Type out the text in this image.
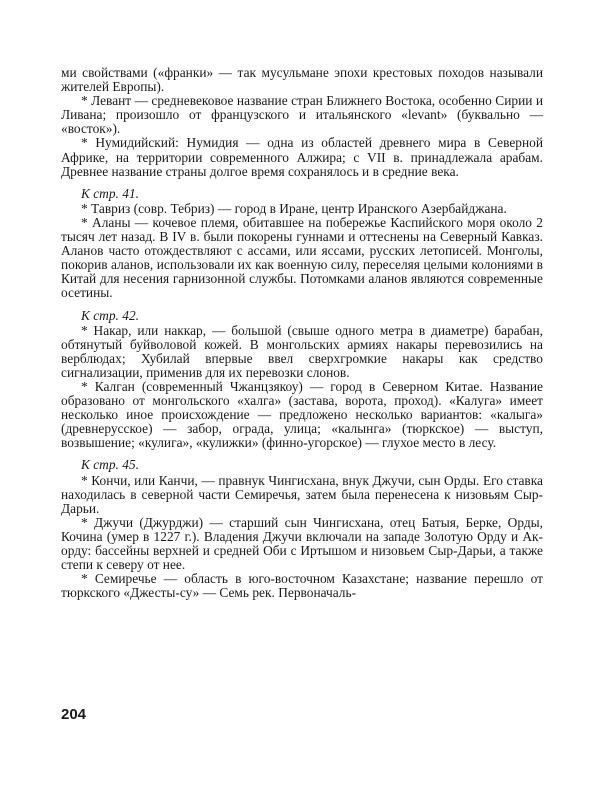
ми свойствами («франки» — так мусульмане эпохи крестовых походов называли жителей Европы).

* Левант — средневековое название стран Ближнего Востока, особенно Сирии и Ливана; произошло от французского и итальянского «levant» (буквально — «восток»).

* Нумидийский: Нумидия — одна из областей древнего мира в Северной Африке, на территории современного Алжира; с VII в. принадлежала арабам. Древнее название страны долгое время сохранялось и в средние века.

К стр. 41.

* Тавриз (совр. Тебриз) — город в Иране, центр Иранского Азербайджана.

* Аланы — кочевое племя, обитавшее на побережье Каспийского моря около 2 тысяч лет назад. В IV в. были покорены гуннами и оттеснены на Северный Кавказ. Аланов часто отождествляют с ассами, или яссами, русских летописей. Монголы, покорив аланов, использовали их как военную силу, переселяя целыми колониями в Китай для несения гарнизонной службы. Потомками аланов являются современные осетины.

К стр. 42.

* Накар, или наккар, — большой (свыше одного метра в диаметре) барабан, обтянутый буйволовой кожей. В монгольских армиях накары перевозились на верблюдах; Хубилай впервые ввел сверхгромкие накары как средство сигнализации, применив для их перевозки слонов.

* Калган (современный Чжанцзякоу) — город в Северном Китае. Название образовано от монгольского «халга» (застава, ворота, проход). «Калуга» имеет несколько иное происхождение — предложено несколько вариантов: «калыга» (древнерусское) — забор, ограда, улица; «калынга» (тюркское) — выступ, возвышение; «кулига», «кулижки» (финно-угорское) — глухое место в лесу.

К стр. 45.

* Кончи, или Канчи, — правнук Чингисхана, внук Джучи, сын Орды. Его ставка находилась в северной части Семиречья, затем была перенесена к низовьям Сыр-Дарьи.

* Джучи (Джурджи) — старший сын Чингисхана, отец Батыя, Берке, Орды, Кочина (умер в 1227 г.). Владения Джучи включали на западе Золотую Орду и Ак-орду: бассейны верхней и средней Оби с Иртышом и низовьем Сыр-Дарьи, а также степи к северу от нее.

* Семиречье — область в юго-восточном Казахстане; название перешло от тюркского «Джесты-су» — Семь рек. Первоначаль-

204
